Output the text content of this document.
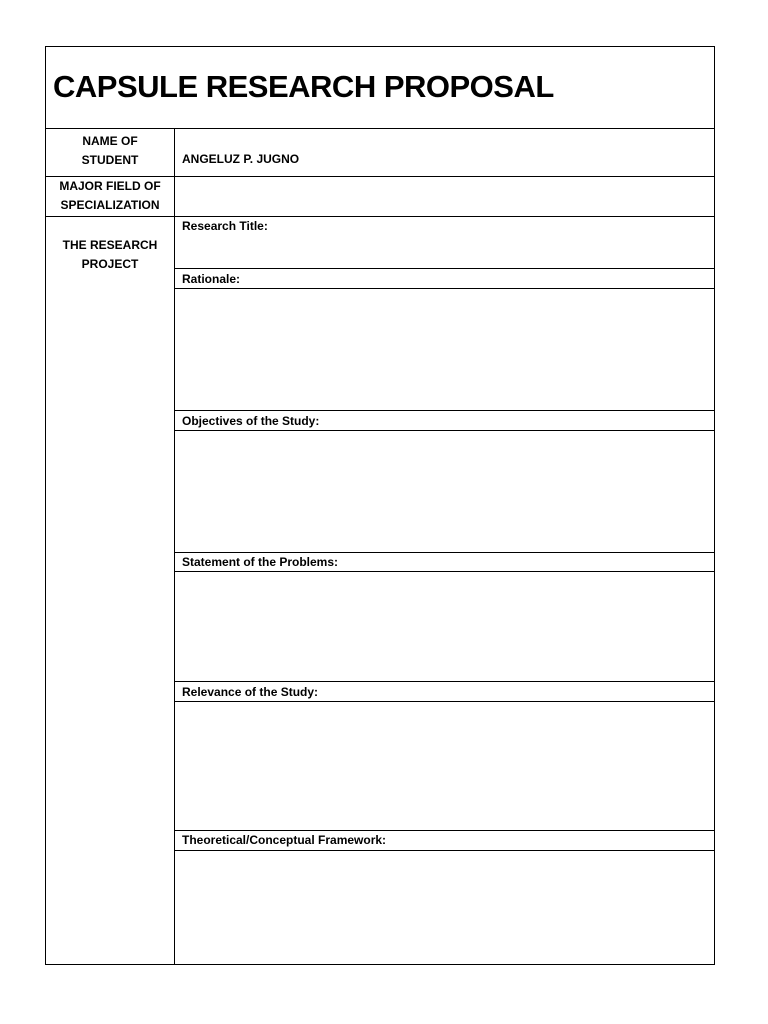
CAPSULE RESEARCH PROPOSAL
NAME OF
STUDENT
MAJOR FIELD OF
SPECIALIZATION
THE RESEARCH
PROJECT
ANGELUZ P. JUGNO
Research Title:
Rationale:
Objectives of the Study:
Statement of the Problems:
Relevance of the Study:
Theoretical/Conceptual Framework:
